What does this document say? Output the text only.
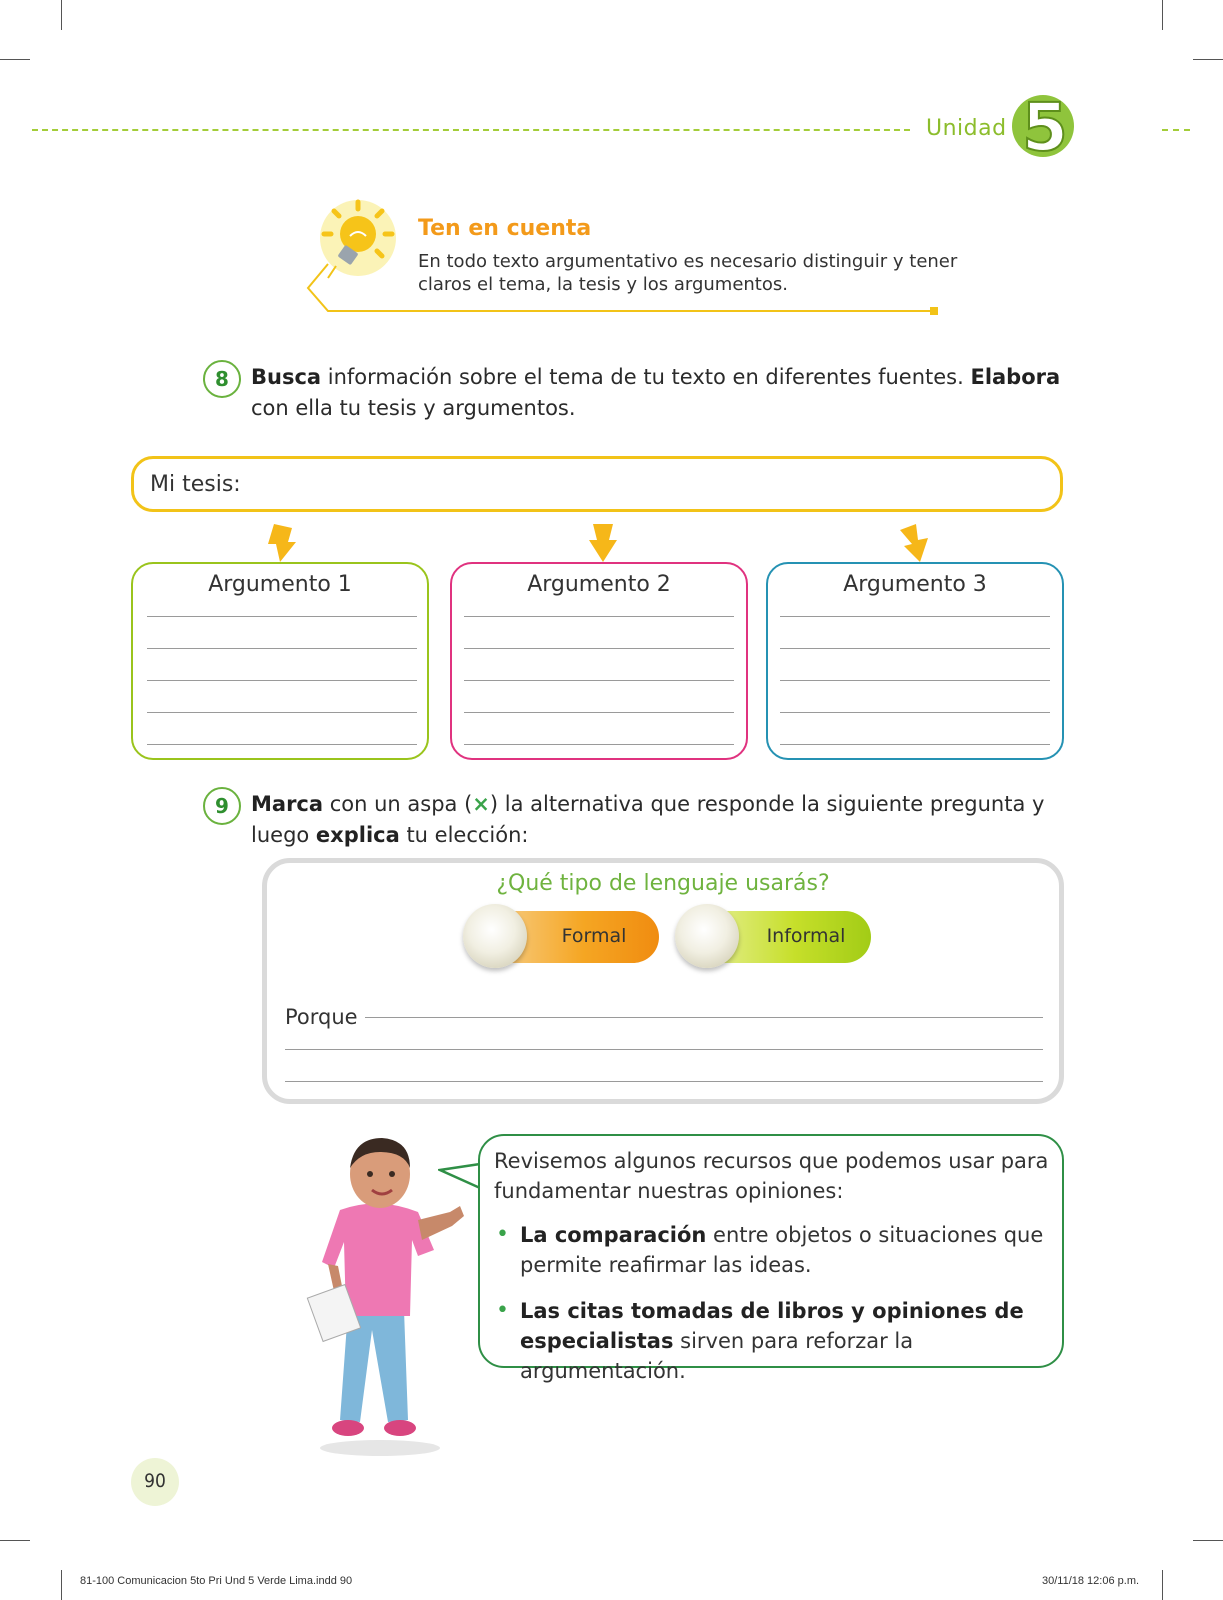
Unidad 5
Ten en cuenta
En todo texto argumentativo es necesario distinguir y tener claros el tema, la tesis y los argumentos.
8	Busca información sobre el tema de tu texto en diferentes fuentes. Elabora con ella tu tesis y argumentos.
Mi tesis:
Argumento 1	Argumento 2	Argumento 3
9	Marca con un aspa (×) la alternativa que responde la siguiente pregunta y luego explica tu elección:
¿Qué tipo de lenguaje usarás?
Formal	Informal
Porque
Revisemos algunos recursos que podemos usar para fundamentar nuestras opiniones:
• La comparación entre objetos o situaciones que permite reafirmar las ideas.
• Las citas tomadas de libros y opiniones de especialistas sirven para reforzar la argumentación.
90
81-100 Comunicacion 5to Pri Und 5 Verde Lima.indd 90	30/11/18 12:06 p.m.
